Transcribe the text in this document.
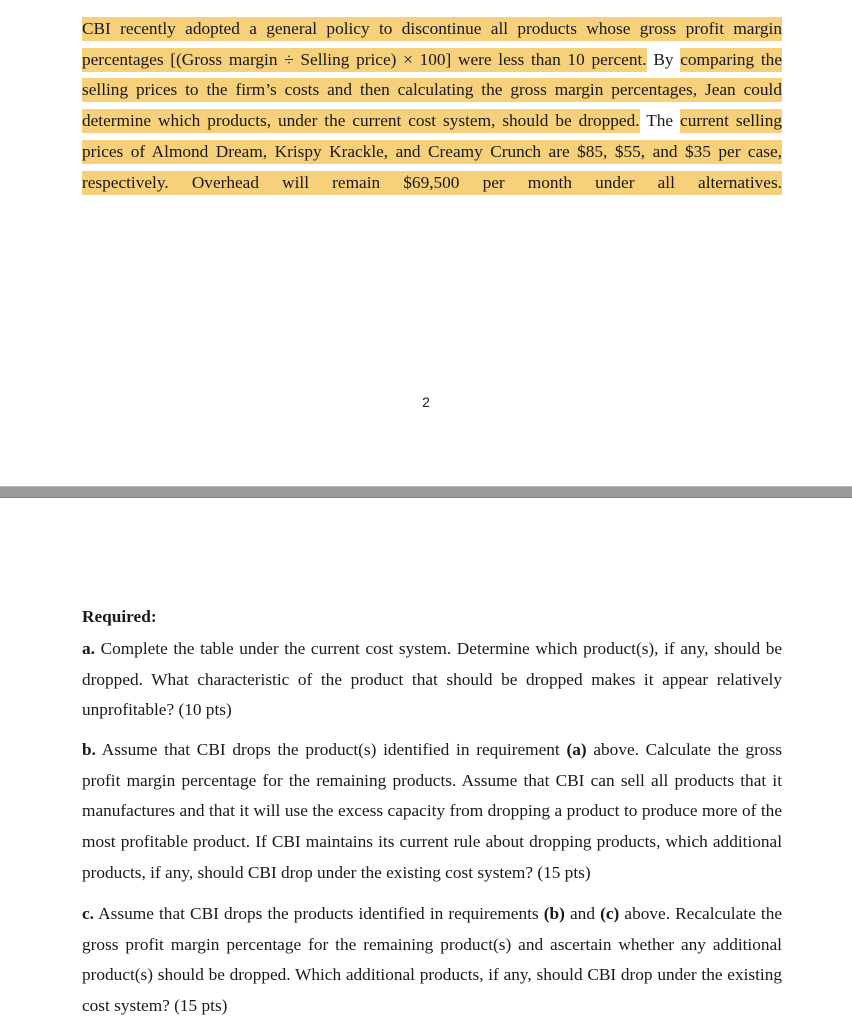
CBI recently adopted a general policy to discontinue all products whose gross profit margin percentages [(Gross margin ÷ Selling price) × 100] were less than 10 percent. By comparing the selling prices to the firm’s costs and then calculating the gross margin percentages, Jean could determine which products, under the current cost system, should be dropped. The current selling prices of Almond Dream, Krispy Krackle, and Creamy Crunch are $85, $55, and $35 per case, respectively. Overhead will remain $69,500 per month under all alternatives.

2

Required:

a. Complete the table under the current cost system. Determine which product(s), if any, should be dropped. What characteristic of the product that should be dropped makes it appear relatively unprofitable? (10 pts)

b. Assume that CBI drops the product(s) identified in requirement (a) above. Calculate the gross profit margin percentage for the remaining products. Assume that CBI can sell all products that it manufactures and that it will use the excess capacity from dropping a product to produce more of the most profitable product. If CBI maintains its current rule about dropping products, which additional products, if any, should CBI drop under the existing cost system? (15 pts)

c. Assume that CBI drops the products identified in requirements (b) and (c) above. Recalculate the gross profit margin percentage for the remaining product(s) and ascertain whether any additional product(s) should be dropped. Which additional products, if any, should CBI drop under the existing cost system? (15 pts)
